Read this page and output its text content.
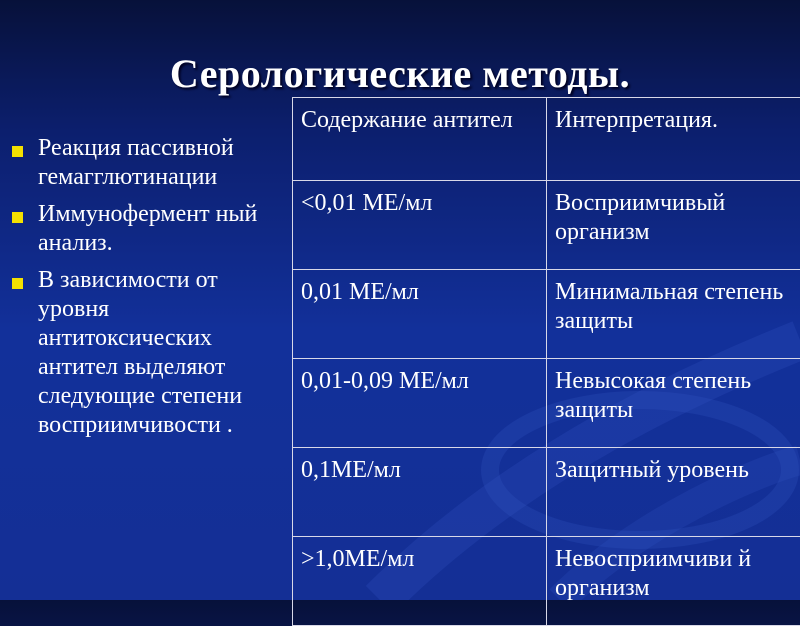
Серологические методы.
Реакция пассивной гемагглютинации
Иммунофермент ный анализ.
В зависимости от уровня антитоксических антител выделяют следующие степени восприимчивости .
Содержание антител	Интерпретация.
<0,01 МЕ/мл	Восприимчивый организм
0,01 МЕ/мл	Минимальная степень защиты
0,01-0,09 МЕ/мл	Невысокая степень защиты
0,1МЕ/мл	Защитный уровень
>1,0МЕ/мл	Невосприимчиви й организм
